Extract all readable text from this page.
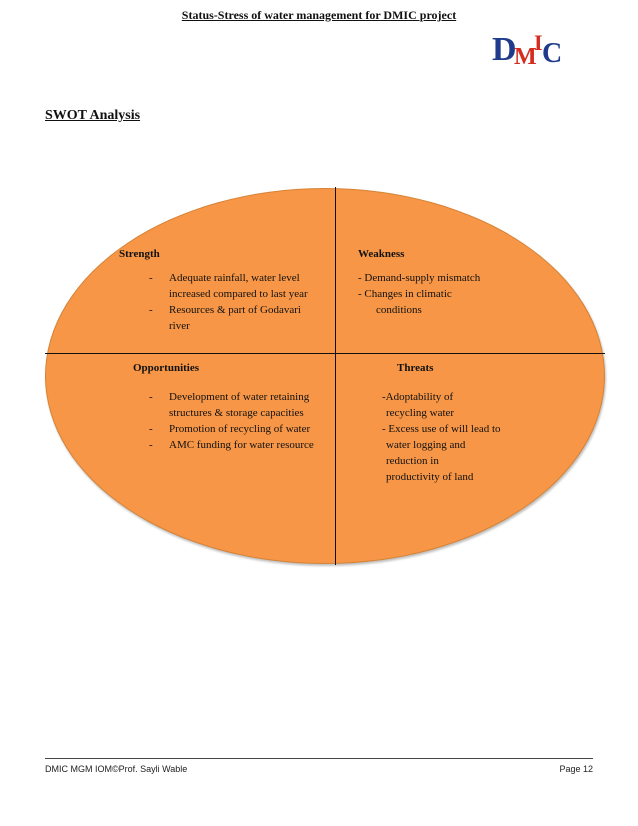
Status-Stress of water management for DMIC project
D
M
I C
SWOT Analysis
Strength
- Adequate rainfall, water level
increased compared to last year
- Resources & part of Godavari
river
Weakness
- Demand-supply mismatch
- Changes in climatic
conditions
Opportunities
- Development of water retaining
structures & storage capacities
- Promotion of recycling of water
- AMC funding for water resource
Threats
-Adoptability of
recycling water
- Excess use of will lead to
water logging and
reduction in
productivity of land
DMIC MGM IOM©Prof. Sayli Wable	Page 12
